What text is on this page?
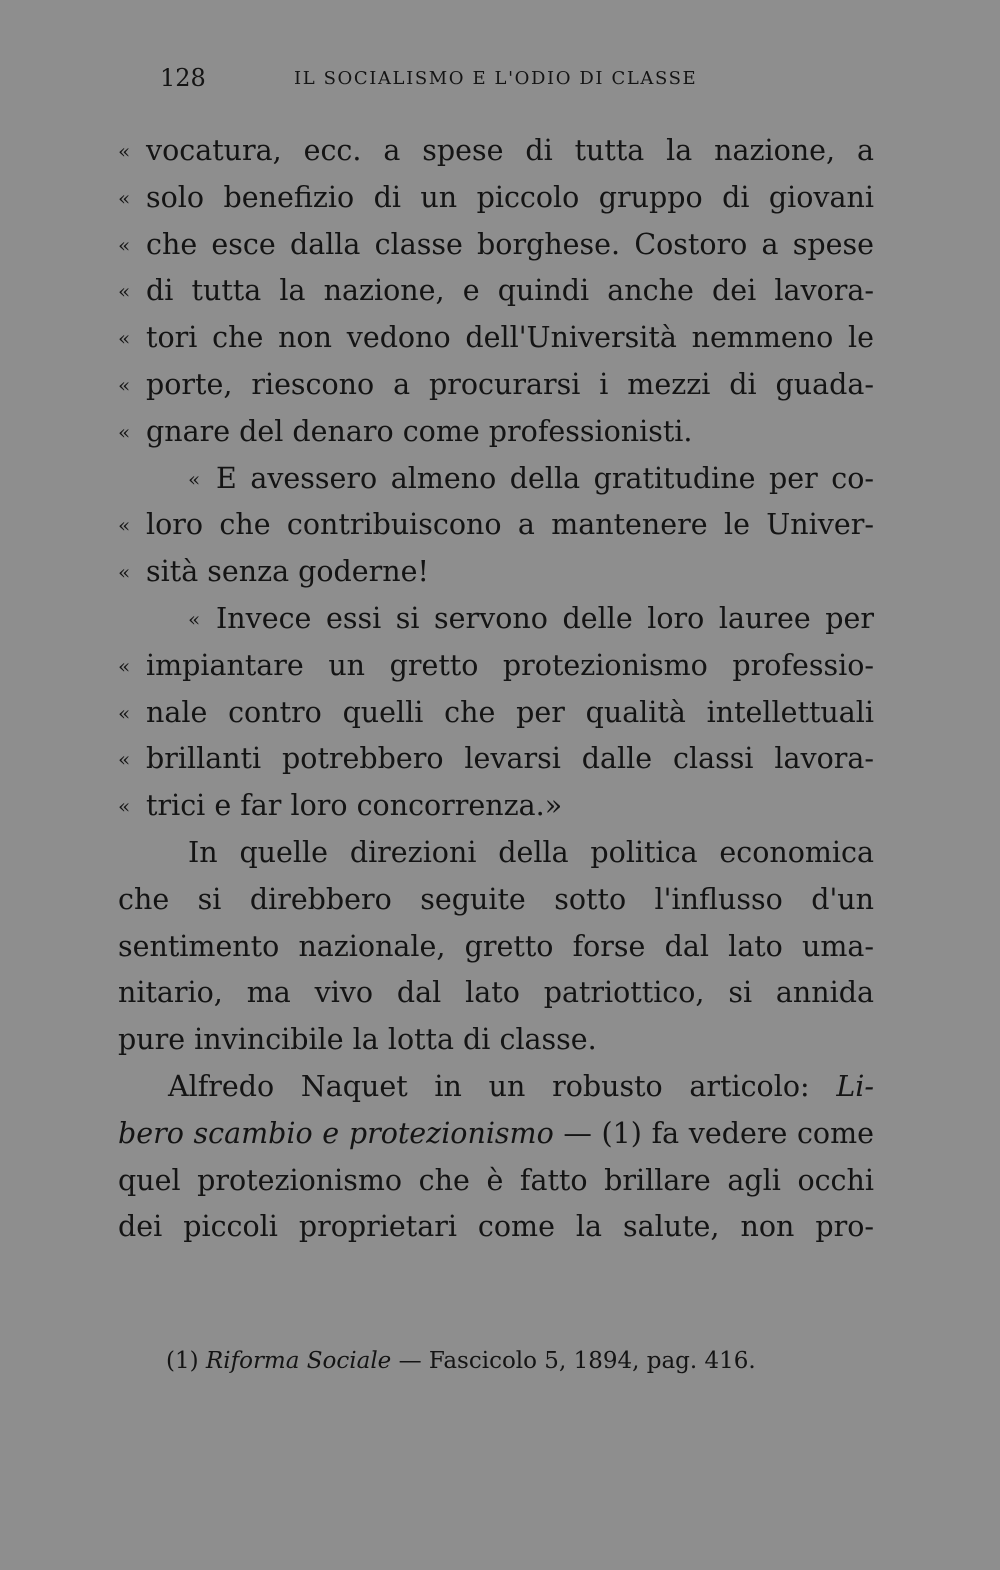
128	IL SOCIALISMO E L'ODIO DI CLASSE
« vocatura, ecc. a spese di tutta la nazione, a
« solo benefizio di un piccolo gruppo di giovani
« che esce dalla classe borghese. Costoro a spese
« di tutta la nazione, e quindi anche dei lavora-
« tori che non vedono dell'Università nemmeno le
« porte, riescono a procurarsi i mezzi di guada-
« gnare del denaro come professionisti.
« E avessero almeno della gratitudine per co-
« loro che contribuiscono a mantenere le Univer-
« sità senza goderne!
« Invece essi si servono delle loro lauree per
« impiantare un gretto protezionismo professio-
« nale contro quelli che per qualità intellettuali
« brillanti potrebbero levarsi dalle classi lavora-
« trici e far loro concorrenza.»
In quelle direzioni della politica economica
che si direbbero seguite sotto l'influsso d'un
sentimento nazionale, gretto forse dal lato uma-
nitario, ma vivo dal lato patriottico, si annida
pure invincibile la lotta di classe.
Alfredo Naquet in un robusto articolo: Li-
bero scambio e protezionismo — (1) fa vedere come
quel protezionismo che è fatto brillare agli occhi
dei piccoli proprietari come la salute, non pro-
(1) Riforma Sociale — Fascicolo 5, 1894, pag. 416.
